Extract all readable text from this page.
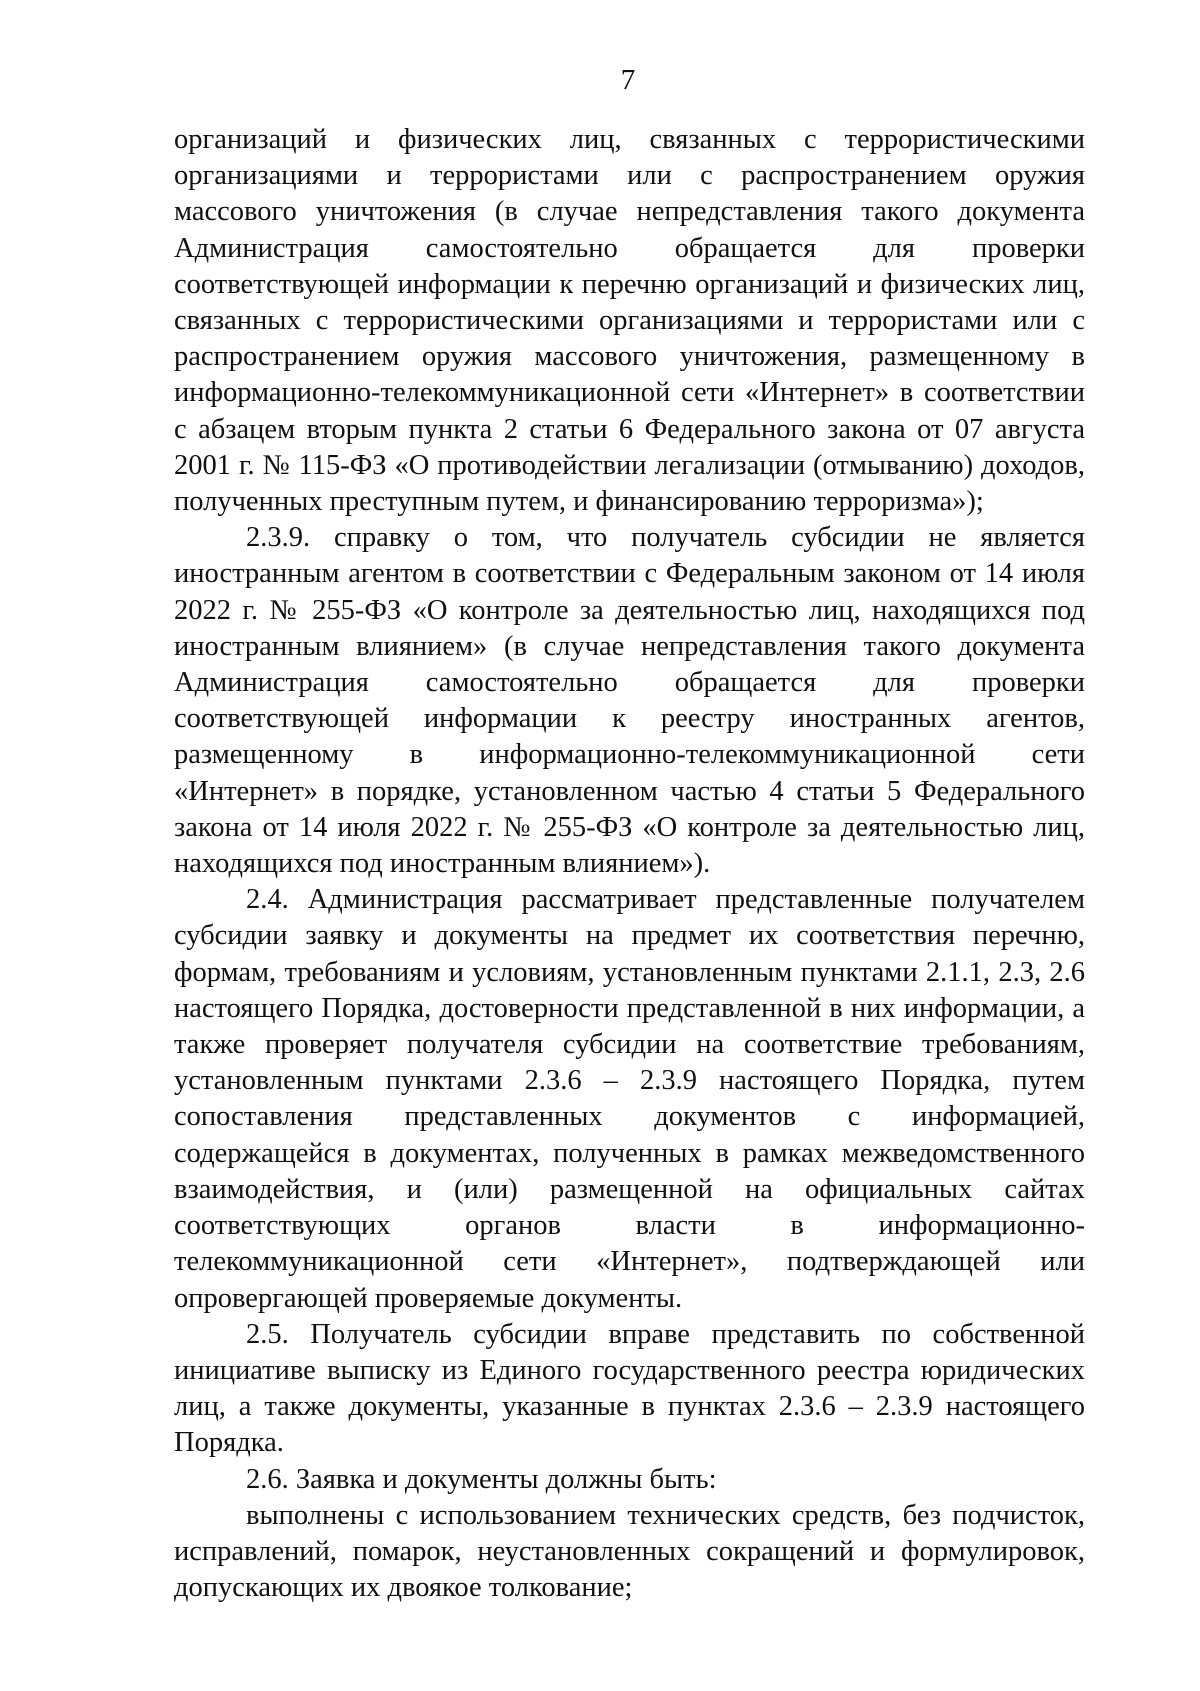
7

организаций и физических лиц, связанных с террористическими организациями и террористами или с распространением оружия массового уничтожения (в случае непредставления такого документа Администрация самостоятельно обращается для проверки соответствующей информации к перечню организаций и физических лиц, связанных с террористическими организациями и террористами или с распространением оружия массового уничтожения, размещенному в информационно-телекоммуникационной сети «Интернет» в соответствии с абзацем вторым пункта 2 статьи 6 Федерального закона от 07 августа 2001 г. № 115-ФЗ «О противодействии легализации (отмыванию) доходов, полученных преступным путем, и финансированию терроризма»);

2.3.9. справку о том, что получатель субсидии не является иностранным агентом в соответствии с Федеральным законом от 14 июля 2022 г. № 255-ФЗ «О контроле за деятельностью лиц, находящихся под иностранным влиянием» (в случае непредставления такого документа Администрация самостоятельно обращается для проверки соответствующей информации к реестру иностранных агентов, размещенному в информационно-телекоммуникационной сети «Интернет» в порядке, установленном частью 4 статьи 5 Федерального закона от 14 июля 2022 г. № 255-ФЗ «О контроле за деятельностью лиц, находящихся под иностранным влиянием»).

2.4. Администрация рассматривает представленные получателем субсидии заявку и документы на предмет их соответствия перечню, формам, требованиям и условиям, установленным пунктами 2.1.1, 2.3, 2.6 настоящего Порядка, достоверности представленной в них информации, а также проверяет получателя субсидии на соответствие требованиям, установленным пунктами 2.3.6 – 2.3.9 настоящего Порядка, путем сопоставления представленных документов с информацией, содержащейся в документах, полученных в рамках межведомственного взаимодействия, и (или) размещенной на официальных сайтах соответствующих органов власти в информационно-телекоммуникационной сети «Интернет», подтверждающей или опровергающей проверяемые документы.

2.5. Получатель субсидии вправе представить по собственной инициативе выписку из Единого государственного реестра юридических лиц, а также документы, указанные в пунктах 2.3.6 – 2.3.9 настоящего Порядка.

2.6. Заявка и документы должны быть:

выполнены с использованием технических средств, без подчисток, исправлений, помарок, неустановленных сокращений и формулировок, допускающих их двоякое толкование;
